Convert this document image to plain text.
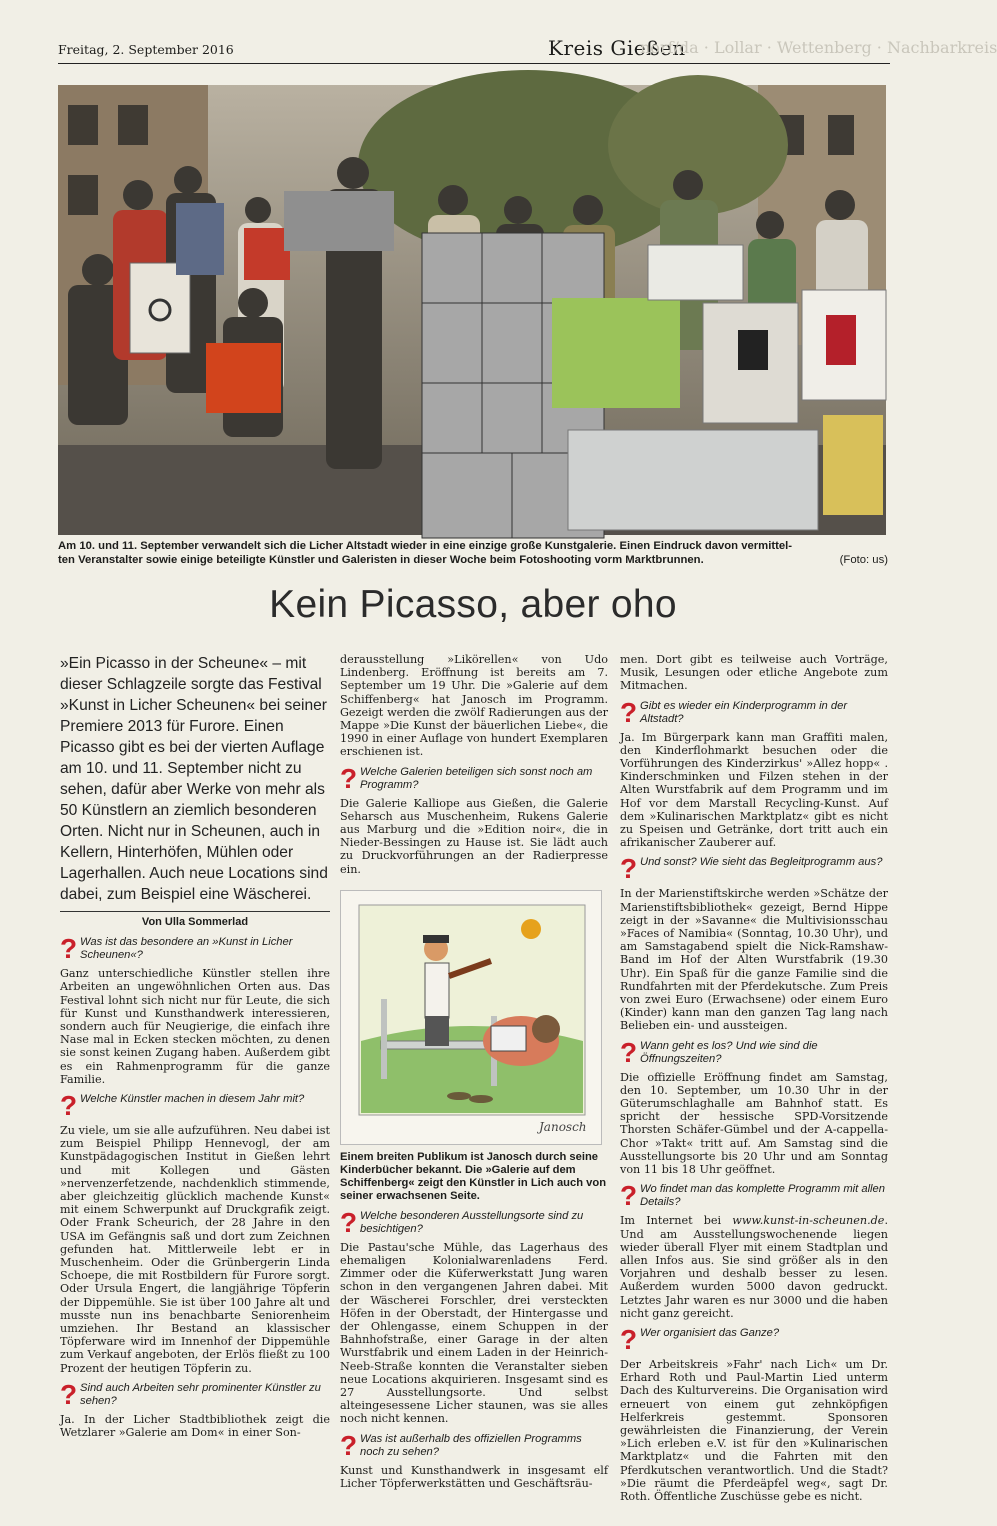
Freitag, 2. September 2016	Kreis Gießen
norf/da · Lollar · Wettenberg · Nachbarkreis
Am 10. und 11. September verwandelt sich die Licher Altstadt wieder in eine einzige große Kunstgalerie. Einen Eindruck davon vermittel-
ten Veranstalter sowie einige beteiligte Künstler und Galeristen in dieser Woche beim Fotoshooting vorm Marktbrunnen.	(Foto: us)
Kein Picasso, aber oho
»Ein Picasso in der Scheune« – mit dieser Schlagzeile sorgte das Festival »Kunst in Licher Scheunen« bei seiner Premiere 2013 für Furore. Einen Picasso gibt es bei der vierten Auflage am 10. und 11. September nicht zu sehen, dafür aber Werke von mehr als 50 Künstlern an ziemlich besonderen Orten. Nicht nur in Scheunen, auch in Kellern, Hinterhöfen, Mühlen oder Lagerhallen. Auch neue Locations sind dabei, zum Beispiel eine Wäscherei.
Von Ulla Sommerlad
? Was ist das besondere an »Kunst in Licher Scheunen«?
Ganz unterschiedliche Künstler stellen ihre Arbeiten an ungewöhnlichen Orten aus. Das Festival lohnt sich nicht nur für Leute, die sich für Kunst und Kunsthandwerk interessieren, sondern auch für Neugierige, die einfach ihre Nase mal in Ecken stecken möchten, zu denen sie sonst keinen Zugang haben. Außerdem gibt es ein Rahmenprogramm für die ganze Familie.
? Welche Künstler machen in diesem Jahr mit?
Zu viele, um sie alle aufzuführen. Neu dabei ist zum Beispiel Philipp Hennevogl, der am Kunstpädagogischen Institut in Gießen lehrt und mit Kollegen und Gästen »nervenzerfetzende, nachdenklich stimmende, aber gleichzeitig glücklich machende Kunst« mit einem Schwerpunkt auf Druckgrafik zeigt. Oder Frank Scheurich, der 28 Jahre in den USA im Gefängnis saß und dort zum Zeichnen gefunden hat. Mittlerweile lebt er in Muschenheim. Oder die Grünbergerin Linda Schoepe, die mit Rostbildern für Furore sorgt. Oder Ursula Engert, die langjährige Töpferin der Dippemühle. Sie ist über 100 Jahre alt und musste nun ins benachbarte Seniorenheim umziehen. Ihr Bestand an klassischer Töpferware wird im Innenhof der Dippemühle zum Verkauf angeboten, der Erlös fließt zu 100 Prozent der heutigen Töpferin zu.
? Sind auch Arbeiten sehr prominenter Künstler zu sehen?
Ja. In der Licher Stadtbibliothek zeigt die Wetzlarer »Galerie am Dom« in einer Son-
derausstellung »Likörellen« von Udo Lindenberg. Eröffnung ist bereits am 7. September um 19 Uhr. Die »Galerie auf dem Schiffenberg« hat Janosch im Programm. Gezeigt werden die zwölf Radierungen aus der Mappe »Die Kunst der bäuerlichen Liebe«, die 1990 in einer Auflage von hundert Exemplaren erschienen ist.
? Welche Galerien beteiligen sich sonst noch am Programm?
Die Galerie Kalliope aus Gießen, die Galerie Seharsch aus Muschenheim, Rukens Galerie aus Marburg und die »Edition noir«, die in Nieder-Bessingen zu Hause ist. Sie lädt auch zu Druckvorführungen an der Radierpresse ein.
Janosch
Einem breiten Publikum ist Janosch durch seine Kinderbücher bekannt. Die »Galerie auf dem Schiffenberg« zeigt den Künstler in Lich auch von seiner erwachsenen Seite.
? Welche besonderen Ausstellungsorte sind zu besichtigen?
Die Pastau'sche Mühle, das Lagerhaus des ehemaligen Kolonialwarenladens Ferd. Zimmer oder die Küferwerkstatt Jung waren schon in den vergangenen Jahren dabei. Mit der Wäscherei Forschler, drei versteckten Höfen in der Oberstadt, der Hintergasse und der Ohlengasse, einem Schuppen in der Bahnhofstraße, einer Garage in der alten Wurstfabrik und einem Laden in der Heinrich-Neeb-Straße konnten die Veranstalter sieben neue Locations akquirieren. Insgesamt sind es 27 Ausstellungsorte. Und selbst alteingesessene Licher staunen, was sie alles noch nicht kennen.
? Was ist außerhalb des offiziellen Programms noch zu sehen?
Kunst und Kunsthandwerk in insgesamt elf Licher Töpferwerkstätten und Geschäftsräu-
men. Dort gibt es teilweise auch Vorträge, Musik, Lesungen oder etliche Angebote zum Mitmachen.
? Gibt es wieder ein Kinderprogramm in der Altstadt?
Ja. Im Bürgerpark kann man Graffiti malen, den Kinderflohmarkt besuchen oder die Vorführungen des Kinderzirkus' »Allez hopp« . Kinderschminken und Filzen stehen in der Alten Wurstfabrik auf dem Programm und im Hof vor dem Marstall Recycling-Kunst. Auf dem »Kulinarischen Marktplatz« gibt es nicht zu Speisen und Getränke, dort tritt auch ein afrikanischer Zauberer auf.
? Und sonst? Wie sieht das Begleitprogramm aus?
In der Marienstiftskirche werden »Schätze der Marienstiftsbibliothek« gezeigt, Bernd Hippe zeigt in der »Savanne« die Multivisionsschau »Faces of Namibia« (Sonntag, 10.30 Uhr), und am Samstagabend spielt die Nick-Ramshaw-Band im Hof der Alten Wurstfabrik (19.30 Uhr). Ein Spaß für die ganze Familie sind die Rundfahrten mit der Pferdekutsche. Zum Preis von zwei Euro (Erwachsene) oder einem Euro (Kinder) kann man den ganzen Tag lang nach Belieben ein- und aussteigen.
? Wann geht es los? Und wie sind die Öffnungszeiten?
Die offizielle Eröffnung findet am Samstag, den 10. September, um 10.30 Uhr in der Güterumschlaghalle am Bahnhof statt. Es spricht der hessische SPD-Vorsitzende Thorsten Schäfer-Gümbel und der A-cappella-Chor »Takt« tritt auf. Am Samstag sind die Ausstellungsorte bis 20 Uhr und am Sonntag von 11 bis 18 Uhr geöffnet.
? Wo findet man das komplette Programm mit allen Details?
Im Internet bei www.kunst-in-scheunen.de. Und am Ausstellungswochenende liegen wieder überall Flyer mit einem Stadtplan und allen Infos aus. Sie sind größer als in den Vorjahren und deshalb besser zu lesen. Außerdem wurden 5000 davon gedruckt. Letztes Jahr waren es nur 3000 und die haben nicht ganz gereicht.
? Wer organisiert das Ganze?
Der Arbeitskreis »Fahr' nach Lich« um Dr. Erhard Roth und Paul-Martin Lied unterm Dach des Kulturvereins. Die Organisation wird erneuert von einem gut zehnköpfigen Helferkreis gestemmt. Sponsoren gewährleisten die Finanzierung, der Verein »Lich erleben e.V. ist für den »Kulinarischen Marktplatz« und die Fahrten mit den Pferdkutschen verantwortlich. Und die Stadt? »Die räumt die Pferdeäpfel weg«, sagt Dr. Roth. Öffentliche Zuschüsse gebe es nicht.
